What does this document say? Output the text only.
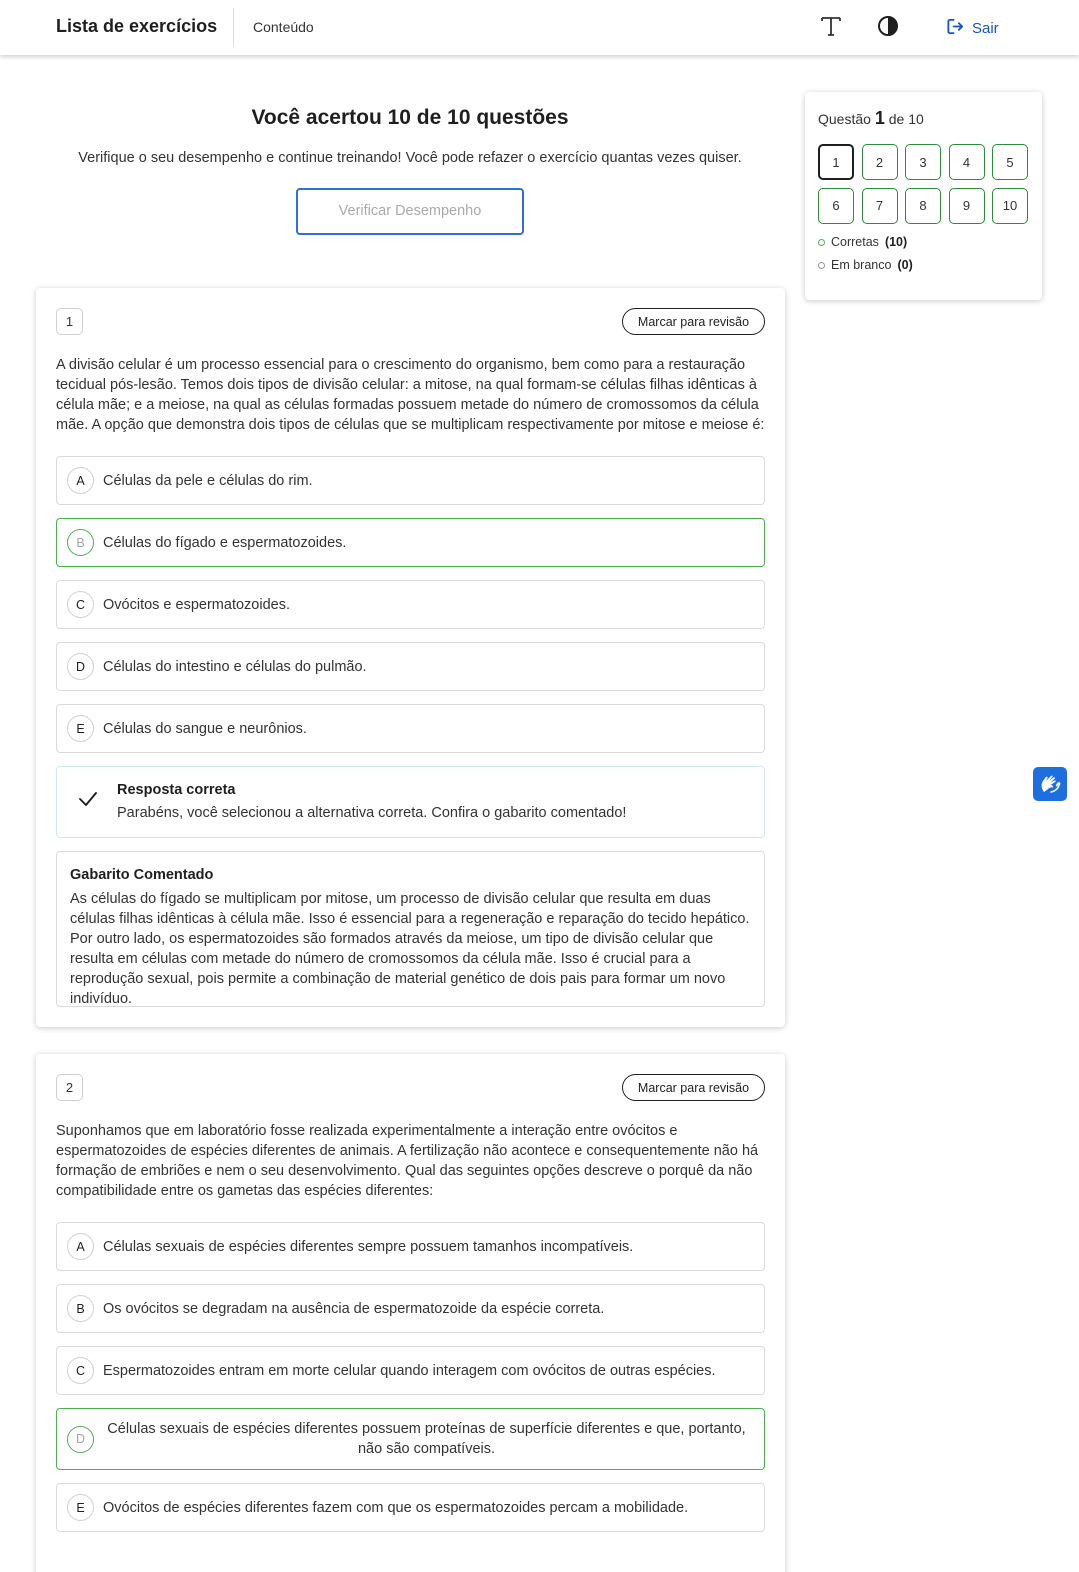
Lista de exercícios	Conteúdo	Sair
Você acertou 10 de 10 questões
Verifique o seu desempenho e continue treinando! Você pode refazer o exercício quantas vezes quiser.
Verificar Desempenho
Questão 1 de 10
1	2	3	4	5
6	7	8	9	10
Corretas (10)
Em branco (0)
1	Marcar para revisão
A divisão celular é um processo essencial para o crescimento do organismo, bem como para a restauração tecidual pós-lesão. Temos dois tipos de divisão celular: a mitose, na qual formam-se células filhas idênticas à célula mãe; e a meiose, na qual as células formadas possuem metade do número de cromossomos da célula mãe. A opção que demonstra dois tipos de células que se multiplicam respectivamente por mitose e meiose é:
A	Células da pele e células do rim.
B	Células do fígado e espermatozoides.
C	Ovócitos e espermatozoides.
D	Células do intestino e células do pulmão.
E	Células do sangue e neurônios.
Resposta correta
Parabéns, você selecionou a alternativa correta. Confira o gabarito comentado!
Gabarito Comentado
As células do fígado se multiplicam por mitose, um processo de divisão celular que resulta em duas células filhas idênticas à célula mãe. Isso é essencial para a regeneração e reparação do tecido hepático. Por outro lado, os espermatozoides são formados através da meiose, um tipo de divisão celular que resulta em células com metade do número de cromossomos da célula mãe. Isso é crucial para a reprodução sexual, pois permite a combinação de material genético de dois pais para formar um novo indivíduo.
2	Marcar para revisão
Suponhamos que em laboratório fosse realizada experimentalmente a interação entre ovócitos e espermatozoides de espécies diferentes de animais. A fertilização não acontece e consequentemente não há formação de embriões e nem o seu desenvolvimento. Qual das seguintes opções descreve o porquê da não compatibilidade entre os gametas das espécies diferentes:
A	Células sexuais de espécies diferentes sempre possuem tamanhos incompatíveis.
B	Os ovócitos se degradam na ausência de espermatozoide da espécie correta.
C	Espermatozoides entram em morte celular quando interagem com ovócitos de outras espécies.
D
Células sexuais de espécies diferentes possuem proteínas de superfície diferentes e que, portanto, não são compatíveis.
E	Ovócitos de espécies diferentes fazem com que os espermatozoides percam a mobilidade.
